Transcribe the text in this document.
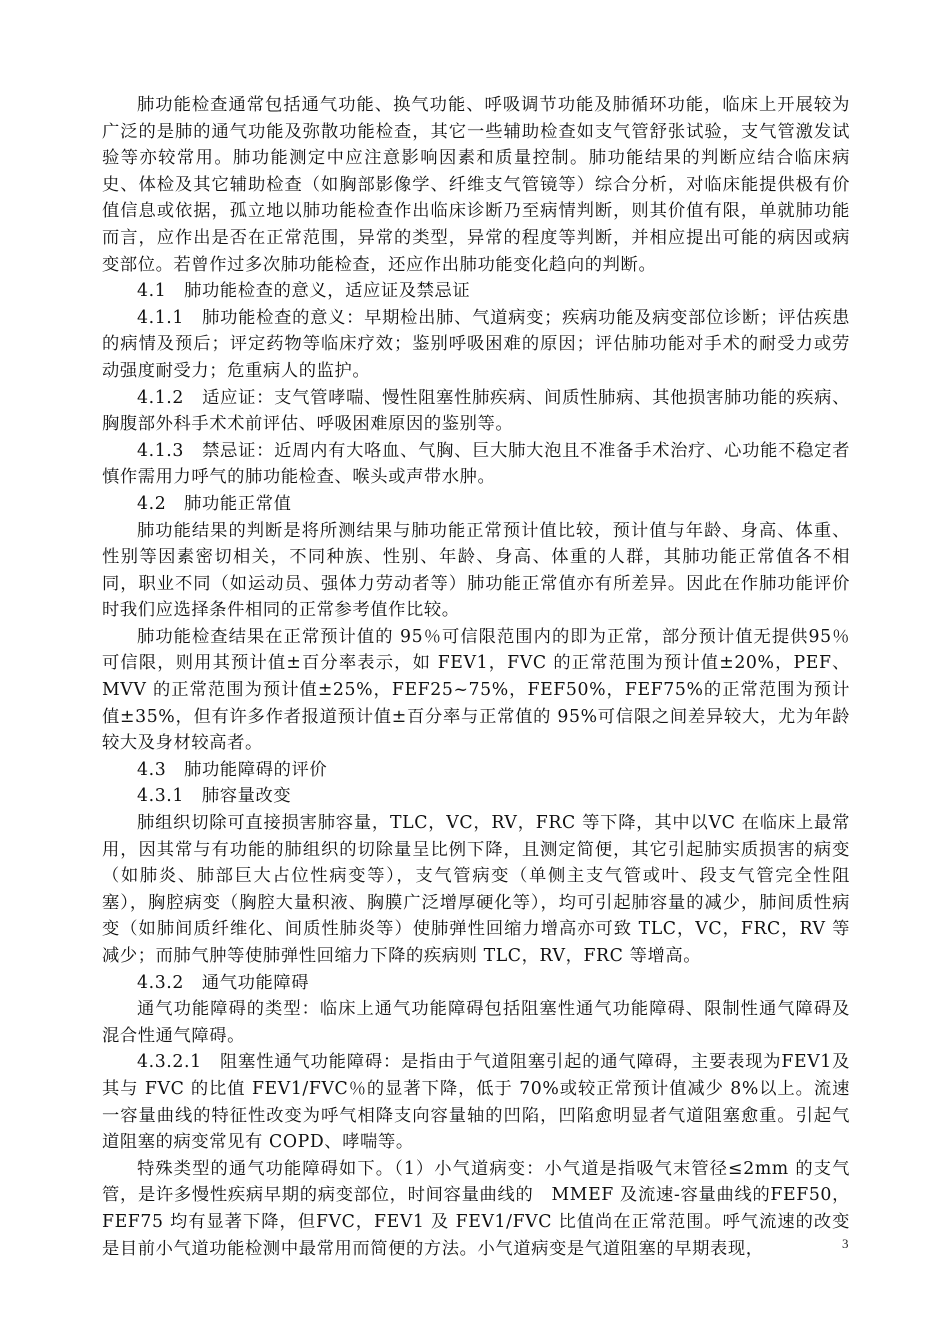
肺功能检查通常包括通气功能、换气功能、呼吸调节功能及肺循环功能，临床上开展较为广泛的是肺的通气功能及弥散功能检查，其它一些辅助检查如支气管舒张试验，支气管激发试验等亦较常用。肺功能测定中应注意影响因素和质量控制。肺功能结果的判断应结合临床病史、体检及其它辅助检查（如胸部影像学、纤维支气管镜等）综合分析，对临床能提供极有价值信息或依据，孤立地以肺功能检查作出临床诊断乃至病情判断，则其价值有限，单就肺功能而言，应作出是否在正常范围，异常的类型，异常的程度等判断，并相应提出可能的病因或病变部位。若曾作过多次肺功能检查，还应作出肺功能变化趋向的判断。

4.1　肺功能检查的意义，适应证及禁忌证

4.1.1　肺功能检查的意义：早期检出肺、气道病变；疾病功能及病变部位诊断；评估疾患的病情及预后；评定药物等临床疗效；鉴别呼吸困难的原因；评估肺功能对手术的耐受力或劳动强度耐受力；危重病人的监护。

4.1.2　适应证：支气管哮喘、慢性阻塞性肺疾病、间质性肺病、其他损害肺功能的疾病、胸腹部外科手术术前评估、呼吸困难原因的鉴别等。

4.1.3　禁忌证：近周内有大咯血、气胸、巨大肺大泡且不准备手术治疗、心功能不稳定者慎作需用力呼气的肺功能检查、喉头或声带水肿。

4.2　肺功能正常值

肺功能结果的判断是将所测结果与肺功能正常预计值比较，预计值与年龄、身高、体重、性别等因素密切相关，不同种族、性别、年龄、身高、体重的人群，其肺功能正常值各不相同，职业不同（如运动员、强体力劳动者等）肺功能正常值亦有所差异。因此在作肺功能评价时我们应选择条件相同的正常参考值作比较。

肺功能检查结果在正常预计值的 95％可信限范围内的即为正常，部分预计值无提供95％可信限，则用其预计值±百分率表示，如 FEV1，FVC 的正常范围为预计值±20%，PEF、MVV 的正常范围为预计值±25%，FEF25~75%，FEF50%，FEF75%的正常范围为预计值±35%，但有许多作者报道预计值±百分率与正常值的 95%可信限之间差异较大，尤为年龄较大及身材较高者。

4.3　肺功能障碍的评价

4.3.1　肺容量改变

肺组织切除可直接损害肺容量，TLC，VC，RV，FRC 等下降，其中以VC 在临床上最常用，因其常与有功能的肺组织的切除量呈比例下降，且测定简便，其它引起肺实质损害的病变（如肺炎、肺部巨大占位性病变等），支气管病变（单侧主支气管或叶、段支气管完全性阻塞），胸腔病变（胸腔大量积液、胸膜广泛增厚硬化等），均可引起肺容量的减少，肺间质性病变（如肺间质纤维化、间质性肺炎等）使肺弹性回缩力增高亦可致 TLC，VC，FRC，RV 等减少；而肺气肿等使肺弹性回缩力下降的疾病则 TLC，RV，FRC 等增高。

4.3.2　通气功能障碍

通气功能障碍的类型：临床上通气功能障碍包括阻塞性通气功能障碍、限制性通气障碍及混合性通气障碍。

4.3.2.1　阻塞性通气功能障碍：是指由于气道阻塞引起的通气障碍，主要表现为FEV1及其与 FVC 的比值 FEV1/FVC％的显著下降，低于 70%或较正常预计值减少 8%以上。流速一容量曲线的特征性改变为呼气相降支向容量轴的凹陷，凹陷愈明显者气道阻塞愈重。引起气道阻塞的病变常见有 COPD、哮喘等。

特殊类型的通气功能障碍如下。（1）小气道病变：小气道是指吸气末管径≤2mm 的支气管，是许多慢性疾病早期的病变部位，时间容量曲线的　MMEF 及流速-容量曲线的FEF50，FEF75 均有显著下降，但FVC，FEV1 及 FEV1/FVC 比值尚在正常范围。呼气流速的改变是目前小气道功能检测中最常用而简便的方法。小气道病变是气道阻塞的早期表现，	3
